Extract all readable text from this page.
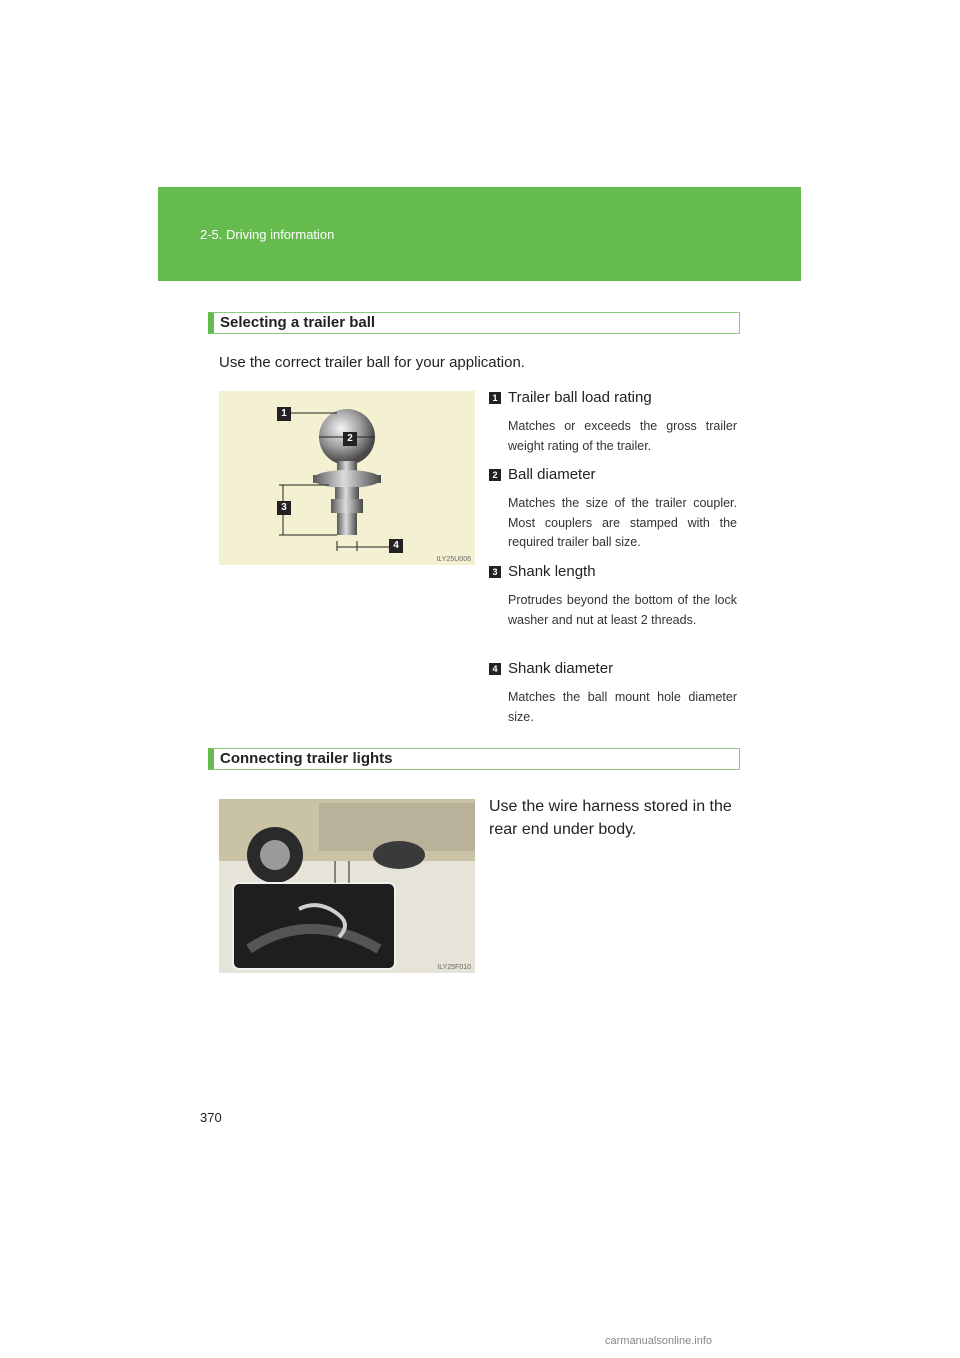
2-5. Driving information
Selecting a trailer ball
Use the correct trailer ball for your application.
1
2
3
4
ILY25U006
1 Trailer ball load rating
Matches or exceeds the gross trailer weight rating of the trailer.
2 Ball diameter
Matches the size of the trailer coupler. Most couplers are stamped with the required trailer ball size.
3 Shank length
Protrudes beyond the bottom of the lock washer and nut at least 2 threads.
4 Shank diameter
Matches the ball mount hole diameter size.
Connecting trailer lights
ILY25F010
Use the wire harness stored in the rear end under body.
370
carmanualsonline.info
